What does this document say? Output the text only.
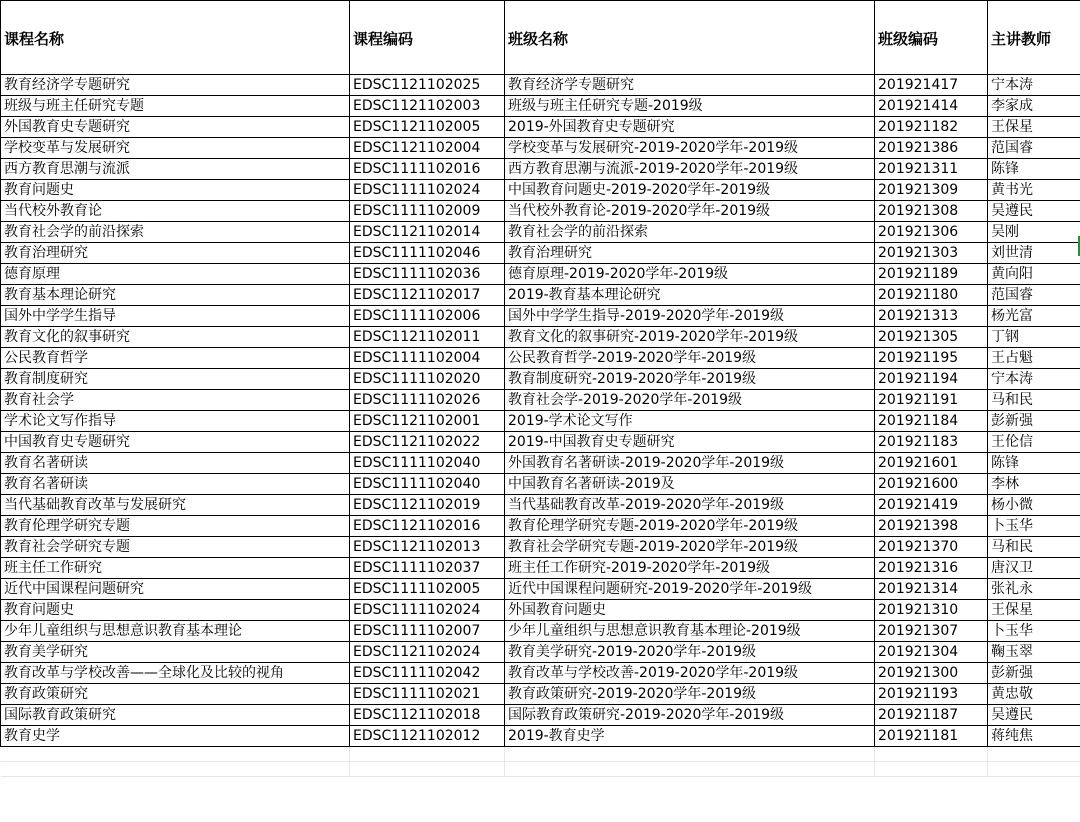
课程名称	课程编码	班级名称	班级编码	主讲教师
教育经济学专题研究	EDSC1121102025	教育经济学专题研究	201921417	宁本涛
班级与班主任研究专题	EDSC1121102003	班级与班主任研究专题-2019级	201921414	李家成
外国教育史专题研究	EDSC1121102005	2019-外国教育史专题研究	201921182	王保星
学校变革与发展研究	EDSC1121102004	学校变革与发展研究-2019-2020学年-2019级	201921386	范国睿
西方教育思潮与流派	EDSC1111102016	西方教育思潮与流派-2019-2020学年-2019级	201921311	陈锋
教育问题史	EDSC1111102024	中国教育问题史-2019-2020学年-2019级	201921309	黄书光
当代校外教育论	EDSC1111102009	当代校外教育论-2019-2020学年-2019级	201921308	吴遵民
教育社会学的前沿探索	EDSC1121102014	教育社会学的前沿探索	201921306	吴刚
教育治理研究	EDSC1111102046	教育治理研究	201921303	刘世清
德育原理	EDSC1111102036	德育原理-2019-2020学年-2019级	201921189	黄向阳
教育基本理论研究	EDSC1121102017	2019-教育基本理论研究	201921180	范国睿
国外中学学生指导	EDSC1111102006	国外中学学生指导-2019-2020学年-2019级	201921313	杨光富
教育文化的叙事研究	EDSC1121102011	教育文化的叙事研究-2019-2020学年-2019级	201921305	丁钢
公民教育哲学	EDSC1111102004	公民教育哲学-2019-2020学年-2019级	201921195	王占魁
教育制度研究	EDSC1111102020	教育制度研究-2019-2020学年-2019级	201921194	宁本涛
教育社会学	EDSC1111102026	教育社会学-2019-2020学年-2019级	201921191	马和民
学术论文写作指导	EDSC1121102001	2019-学术论文写作	201921184	彭新强
中国教育史专题研究	EDSC1121102022	2019-中国教育史专题研究	201921183	王伦信
教育名著研读	EDSC1111102040	外国教育名著研读-2019-2020学年-2019级	201921601	陈锋
教育名著研读	EDSC1111102040	中国教育名著研读-2019及	201921600	李林
当代基础教育改革与发展研究	EDSC1121102019	当代基础教育改革-2019-2020学年-2019级	201921419	杨小微
教育伦理学研究专题	EDSC1121102016	教育伦理学研究专题-2019-2020学年-2019级	201921398	卜玉华
教育社会学研究专题	EDSC1121102013	教育社会学研究专题-2019-2020学年-2019级	201921370	马和民
班主任工作研究	EDSC1111102037	班主任工作研究-2019-2020学年-2019级	201921316	唐汉卫
近代中国课程问题研究	EDSC1111102005	近代中国课程问题研究-2019-2020学年-2019级	201921314	张礼永
教育问题史	EDSC1111102024	外国教育问题史	201921310	王保星
少年儿童组织与思想意识教育基本理论	EDSC1111102007	少年儿童组织与思想意识教育基本理论-2019级	201921307	卜玉华
教育美学研究	EDSC1121102024	教育美学研究-2019-2020学年-2019级	201921304	鞠玉翠
教育改革与学校改善——全球化及比较的视角	EDSC1111102042	教育改革与学校改善-2019-2020学年-2019级	201921300	彭新强
教育政策研究	EDSC1111102021	教育政策研究-2019-2020学年-2019级	201921193	黄忠敬
国际教育政策研究	EDSC1121102018	国际教育政策研究-2019-2020学年-2019级	201921187	吴遵民
教育史学	EDSC1121102012	2019-教育史学	201921181	蒋纯焦
